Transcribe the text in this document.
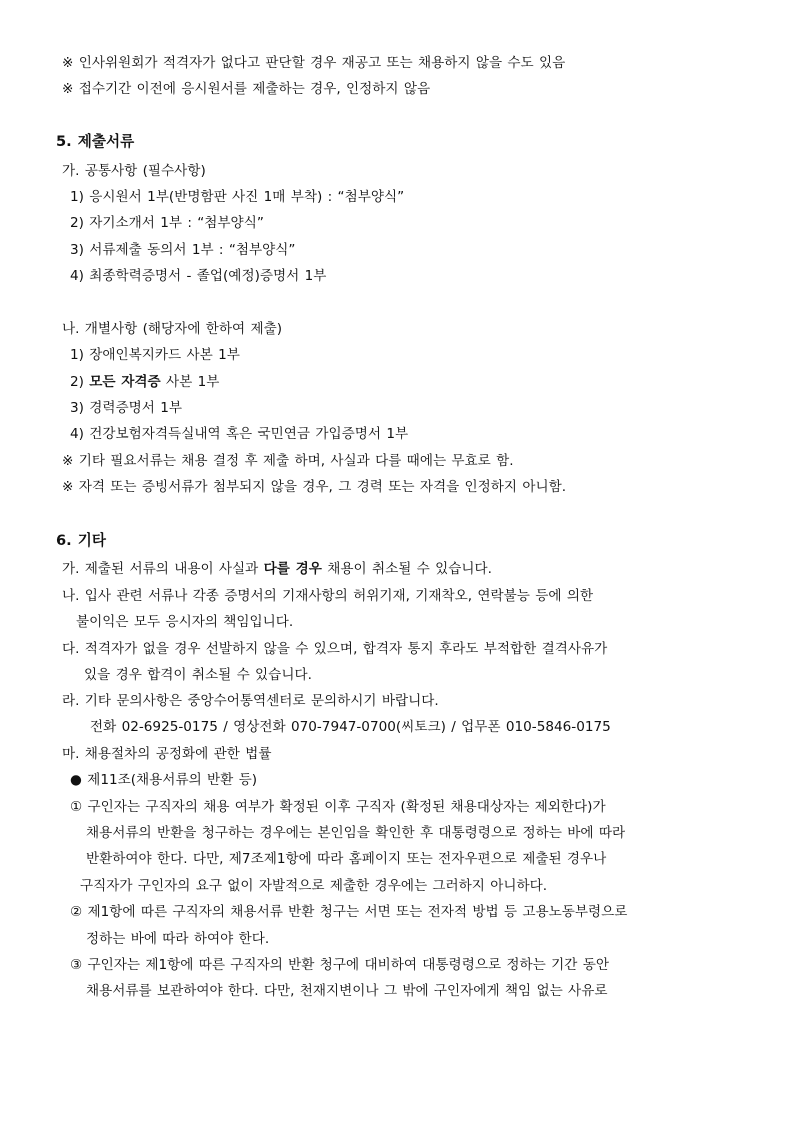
※ 인사위원회가 적격자가 없다고 판단할 경우 재공고 또는 채용하지 않을 수도 있음
※ 접수기간 이전에 응시원서를 제출하는 경우, 인정하지 않음
5. 제출서류
가. 공통사항 (필수사항)
1) 응시원서 1부(반명함판 사진 1매 부착) : “첨부양식”
2) 자기소개서 1부 : “첨부양식”
3) 서류제출 동의서 1부 : “첨부양식”
4) 최종학력증명서 - 졸업(예정)증명서 1부
나. 개별사항 (해당자에 한하여 제출)
1) 장애인복지카드 사본 1부
2) 모든 자격증 사본 1부
3) 경력증명서 1부
4) 건강보험자격득실내역 혹은 국민연금 가입증명서 1부
※ 기타 필요서류는 채용 결정 후 제출 하며, 사실과 다를 때에는 무효로 함.
※ 자격 또는 증빙서류가 첨부되지 않을 경우, 그 경력 또는 자격을 인정하지 아니함.
6. 기타
가. 제출된 서류의 내용이 사실과 다를 경우 채용이 취소될 수 있습니다.
나. 입사 관련 서류나 각종 증명서의 기재사항의 허위기재, 기재착오, 연락불능 등에 의한
불이익은 모두 응시자의 책임입니다.
다. 적격자가 없을 경우 선발하지 않을 수 있으며, 합격자 통지 후라도 부적합한 결격사유가
있을 경우 합격이 취소될 수 있습니다.
라. 기타 문의사항은 중앙수어통역센터로 문의하시기 바랍니다.
전화 02-6925-0175 / 영상전화 070-7947-0700(씨토크) / 업무폰 010-5846-0175
마. 채용절차의 공정화에 관한 법률
● 제11조(채용서류의 반환 등)
① 구인자는 구직자의 채용 여부가 확정된 이후 구직자 (확정된 채용대상자는 제외한다)가
채용서류의 반환을 청구하는 경우에는 본인임을 확인한 후 대통령령으로 정하는 바에 따라
반환하여야 한다. 다만, 제7조제1항에 따라 홈페이지 또는 전자우편으로 제출된 경우나
구직자가 구인자의 요구 없이 자발적으로 제출한 경우에는 그러하지 아니하다.
② 제1항에 따른 구직자의 채용서류 반환 청구는 서면 또는 전자적 방법 등 고용노동부령으로
정하는 바에 따라 하여야 한다.
③ 구인자는 제1항에 따른 구직자의 반환 청구에 대비하여 대통령령으로 정하는 기간 동안
채용서류를 보관하여야 한다. 다만, 천재지변이나 그 밖에 구인자에게 책임 없는 사유로
